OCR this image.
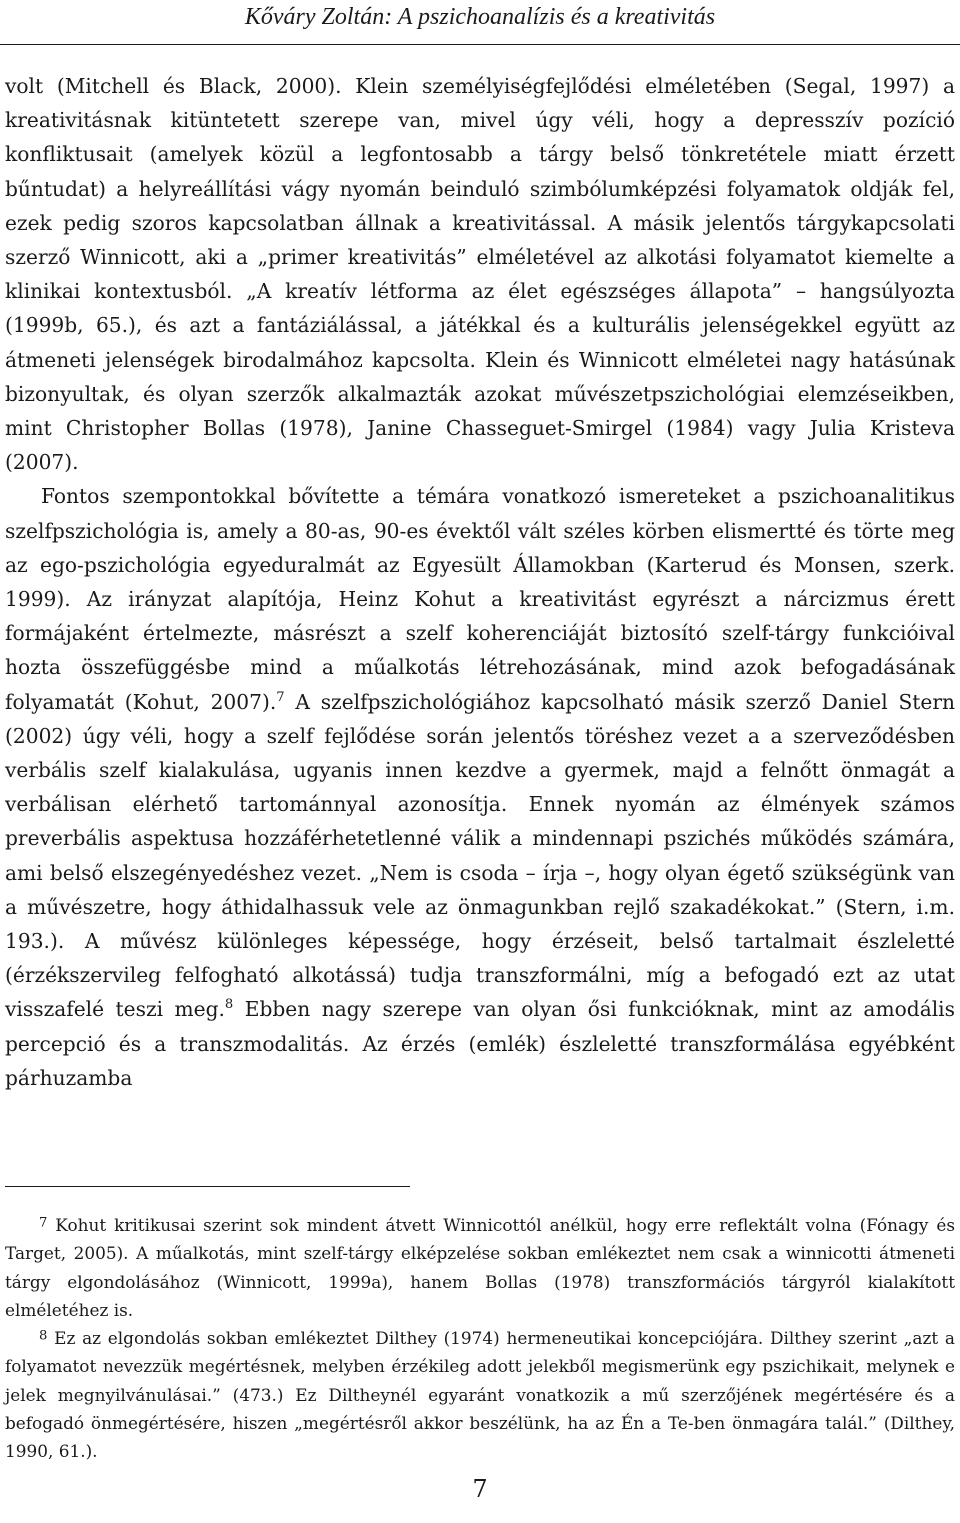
Kőváry Zoltán: A pszichoanalízis és a kreativitás

volt (Mitchell és Black, 2000). Klein személyiségfejlődési elméletében (Segal, 1997) a kreativitásnak kitüntetett szerepe van, mivel úgy véli, hogy a depresszív pozíció konfliktusait (amelyek közül a legfontosabb a tárgy belső tönkretétele miatt érzett bűntudat) a helyreállítási vágy nyomán beinduló szimbólumképzési folyamatok oldják fel, ezek pedig szoros kapcsolatban állnak a kreativitással. A másik jelentős tárgykapcsolati szerző Winnicott, aki a „primer kreativitás” elméletével az alkotási folyamatot kiemelte a klinikai kontextusból. „A kreatív létforma az élet egészséges állapota” – hangsúlyozta (1999b, 65.), és azt a fantáziálással, a játékkal és a kulturális jelenségekkel együtt az átmeneti jelenségek birodalmához kapcsolta. Klein és Winnicott elméletei nagy hatásúnak bizonyultak, és olyan szerzők alkalmazták azokat művészetpszichológiai elemzéseikben, mint Christopher Bollas (1978), Janine Chasseguet-Smirgel (1984) vagy Julia Kristeva (2007).

Fontos szempontokkal bővítette a témára vonatkozó ismereteket a pszichoanalitikus szelfpszichológia is, amely a 80-as, 90-es évektől vált széles körben elismertté és törte meg az ego-pszichológia egyeduralmát az Egyesült Államokban (Karterud és Monsen, szerk. 1999). Az irányzat alapítója, Heinz Kohut a kreativitást egyrészt a nárcizmus érett formájaként értelmezte, másrészt a szelf koherenciáját biztosító szelf-tárgy funkcióival hozta összefüggésbe mind a műalkotás létrehozásának, mind azok befogadásának folyamatát (Kohut, 2007).$^7$ A szelfpszichológiához kapcsolható másik szerző Daniel Stern (2002) úgy véli, hogy a szelf fejlődése során jelentős töréshez vezet a a szerveződésben verbális szelf kialakulása, ugyanis innen kezdve a gyermek, majd a felnőtt önmagát a verbálisan elérhető tartománnyal azonosítja. Ennek nyomán az élmények számos preverbális aspektusa hozzáférhetetlenné válik a mindennapi pszichés működés számára, ami belső elszegényedéshez vezet. „Nem is csoda – írja –, hogy olyan égető szükségünk van a művészetre, hogy áthidalhassuk vele az önmagunkban rejlő szakadékokat.” (Stern, i.m. 193.). A művész különleges képessége, hogy érzéseit, belső tartalmait észleletté (érzékszervileg felfogható alkotássá) tudja transzformálni, míg a befogadó ezt az utat visszafelé teszi meg.$^8$ Ebben nagy szerepe van olyan ősi funkcióknak, mint az amodális percepció és a transzmodalitás. Az érzés (emlék) észleletté transzformálása egyébként párhuzamba

$^7$ Kohut kritikusai szerint sok mindent átvett Winnicottól anélkül, hogy erre reflektált volna (Fónagy és Target, 2005). A műalkotás, mint szelf-tárgy elképzelése sokban emlékeztet nem csak a winnicotti átmeneti tárgy elgondolásához (Winnicott, 1999a), hanem Bollas (1978) transzformációs tárgyról kialakított elméletéhez is.

$^8$ Ez az elgondolás sokban emlékeztet Dilthey (1974) hermeneutikai koncepciójára. Dilthey szerint „azt a folyamatot nevezzük megértésnek, melyben érzékileg adott jelekből megismerünk egy pszichikait, melynek e jelek megnyilvánulásai.” (473.) Ez Diltheynél egyaránt vonatkozik a mű szerzőjének megértésére és a befogadó önmegértésére, hiszen „megértésről akkor beszélünk, ha az Én a Te-ben önmagára talál.” (Dilthey, 1990, 61.).

7
